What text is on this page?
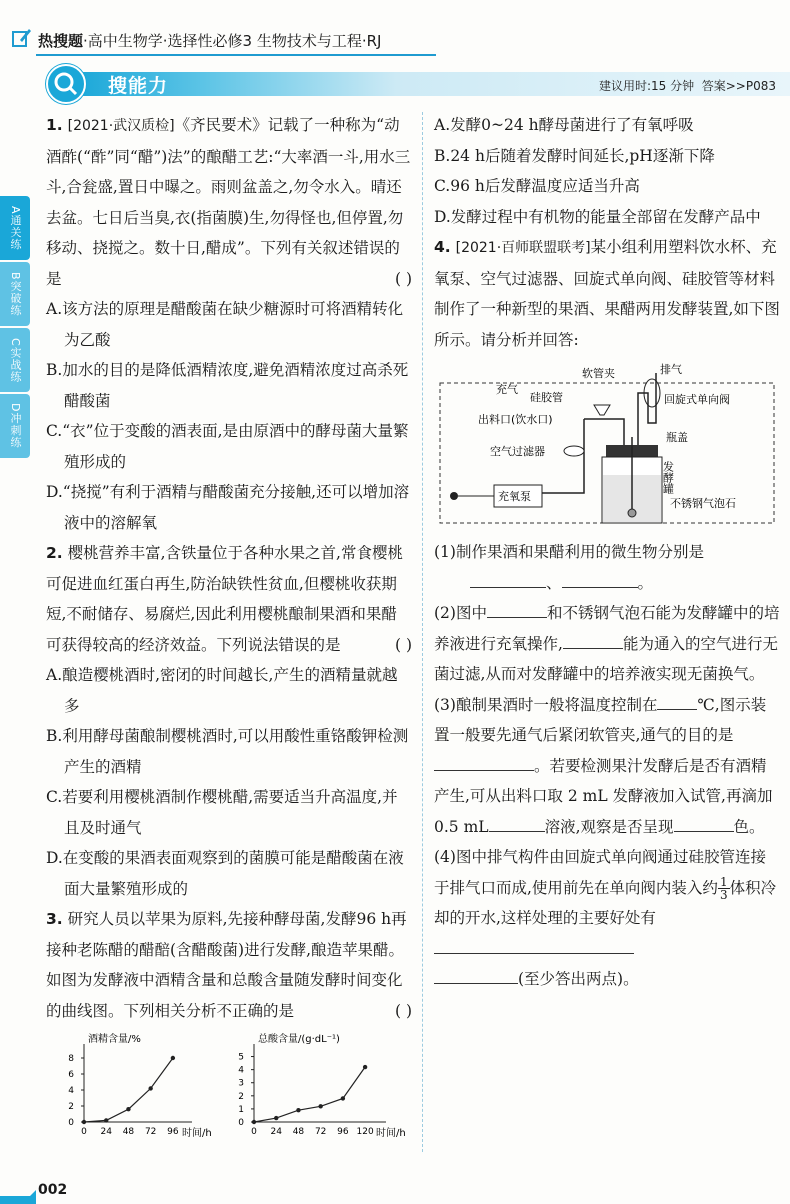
热搜题·高中生物学·选择性必修3 生物技术与工程·RJ
搜能力	建议用时:15 分钟 答案>>P083
A通关练
B突破练
C实战练
D冲刺练

1. [2021·武汉质检]《齐民要术》记载了一种称为“动酒酢(“酢”同“醋”)法”的酿醋工艺:“大率酒一斗,用水三斗,合瓮盛,置日中曝之。雨则盆盖之,勿令水入。晴还去盆。七日后当臭,衣(指菌膜)生,勿得怪也,但停置,勿移动、挠搅之。数十日,醋成”。下列有关叙述错误的是	( )

A.该方法的原理是醋酸菌在缺少糖源时可将酒精转化为乙酸

B.加水的目的是降低酒精浓度,避免酒精浓度过高杀死醋酸菌

C.“衣”位于变酸的酒表面,是由原酒中的酵母菌大量繁殖形成的

D.“挠搅”有利于酒精与醋酸菌充分接触,还可以增加溶液中的溶解氧

2. 樱桃营养丰富,含铁量位于各种水果之首,常食樱桃可促进血红蛋白再生,防治缺铁性贫血,但樱桃收获期短,不耐储存、易腐烂,因此利用樱桃酿制果酒和果醋可获得较高的经济效益。下列说法错误的是	( )

A.酿造樱桃酒时,密闭的时间越长,产生的酒精量就越多

B.利用酵母菌酿制樱桃酒时,可以用酸性重铬酸钾检测产生的酒精

C.若要利用樱桃酒制作樱桃醋,需要适当升高温度,并且及时通气

D.在变酸的果酒表面观察到的菌膜可能是醋酸菌在液面大量繁殖形成的

3. 研究人员以苹果为原料,先接种酵母菌,发酵96 h再接种老陈醋的醋醅(含醋酸菌)进行发酵,酿造苹果醋。如图为发酵液中酒精含量和总酸含量随发酵时间变化的曲线图。下列相关分析不正确的是	( )

酒精含量/%
时间/h
0
2
4
6
8
0 24 48 72 96
总酸含量/(g·dL⁻¹)
时间/h
0
1
2
3
4
5
0 24 48 72 96 120

A.发酵0~24 h酵母菌进行了有氧呼吸

B.24 h后随着发酵时间延长,pH逐渐下降

C.96 h后发酵温度应适当升高

D.发酵过程中有机物的能量全部留在发酵产品中

4. [2021·百师联盟联考]某小组利用塑料饮水杯、充氧泵、空气过滤器、回旋式单向阀、硅胶管等材料制作了一种新型的果酒、果醋两用发酵装置,如下图所示。请分析并回答:

充氧泵
软管夹	排气
充气
硅胶管	回旋式单向阀
出料口(饮水口)
瓶盖
空气过滤器
发酵罐
不锈钢气泡石

(1)制作果酒和果醋利用的微生物分别是
、	。

(2)图中	和不锈钢气泡石能为发酵罐中的培养液进行充氧操作,	能为通入的空气进行无菌过滤,从而对发酵罐中的培养液实现无菌换气。

(3)酿制果酒时一般将温度控制在	℃,图示装置一般要先通气后紧闭软管夹,通气的目的是。若要检测果汁发酵后是否有酒精产生,可从出料口取 2 mL 发酵液加入试管,再滴加0.5 mL	溶液,观察是否呈现	色。

(4)图中排气构件由回旋式单向阀通过硅胶管连接于排气口而成,使用前先在单向阀内装入约 $\frac{1}{3}$ 体积冷却的开水,这样处理的主要好处有
(至少答出两点)。

002
